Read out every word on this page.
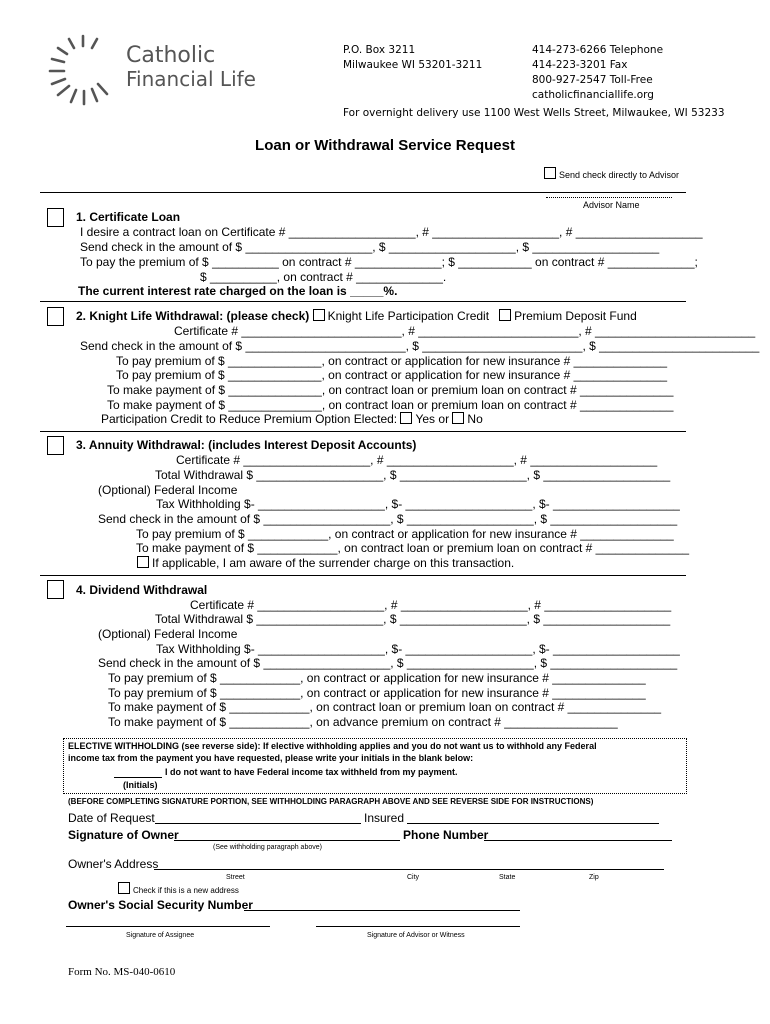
Catholic
Financial Life
P.O. Box 3211
Milwaukee WI 53201-3211
414-273-6266 Telephone
414-223-3201 Fax
800-927-2547 Toll-Free
catholicfinanciallife.org
For overnight delivery use 1100 West Wells Street, Milwaukee, WI 53233
Loan or Withdrawal Service Request
Send check directly to Advisor
Advisor Name
1. Certificate Loan
I desire a contract loan on Certificate # ___________________, # ___________________, # ___________________
Send check in the amount of $ ___________________, $ ___________________, $ ___________________
To pay the premium of $ __________ on contract # _____________; $ ___________ on contract # _____________;
$ __________, on contract # _____________.
The current interest rate charged on the loan is _____%.
2. Knight Life Withdrawal: (please check) Knight Life Participation Credit Premium Deposit Fund
Certificate # ________________________, # ________________________, # ________________________
Send check in the amount of $ ________________________, $ ________________________, $ ________________________
To pay premium of $ ______________, on contract or application for new insurance # ______________
To pay premium of $ ______________, on contract or application for new insurance # ______________
To make payment of $ ______________, on contract loan or premium loan on contract # ______________
To make payment of $ ______________, on contract loan or premium loan on contract # ______________
Participation Credit to Reduce Premium Option Elected: Yes or No
3. Annuity Withdrawal: (includes Interest Deposit Accounts)
Certificate # ___________________, # ___________________, # ___________________
Total Withdrawal $ ___________________, $ ___________________, $ ___________________
(Optional) Federal Income
Tax Withholding $- ___________________, $- ___________________, $- ___________________
Send check in the amount of $ ___________________, $ ___________________, $ ___________________
To pay premium of $ ____________, on contract or application for new insurance # ______________
To make payment of $ ____________, on contract loan or premium loan on contract # ______________
If applicable, I am aware of the surrender charge on this transaction.
4. Dividend Withdrawal
Certificate # ___________________, # ___________________, # ___________________
Total Withdrawal $ ___________________, $ ___________________, $ ___________________
(Optional) Federal Income
Tax Withholding $- ___________________, $- ___________________, $- ___________________
Send check in the amount of $ ___________________, $ ___________________, $ ___________________
To pay premium of $ ____________, on contract or application for new insurance # ______________
To pay premium of $ ____________, on contract or application for new insurance # ______________
To make payment of $ ____________, on contract loan or premium loan on contract # ______________
To make payment of $ ____________, on advance premium on contract # _________________
ELECTIVE WITHHOLDING (see reverse side): If elective withholding applies and you do not want us to withhold any Federal
income tax from the payment you have requested, please write your initials in the blank below:
I do not want to have Federal income tax withheld from my payment.
(Initials)
(BEFORE COMPLETING SIGNATURE PORTION, SEE WITHHOLDING PARAGRAPH ABOVE AND SEE REVERSE SIDE FOR INSTRUCTIONS)
Date of Request	Insured
Signature of Owner	Phone Number
(See withholding paragraph above)
Owner's Address
Street	City	State	Zip
Check if this is a new address
Owner's Social Security Number
Signature of Assignee	Signature of Advisor or Witness
Form No. MS-040-0610
